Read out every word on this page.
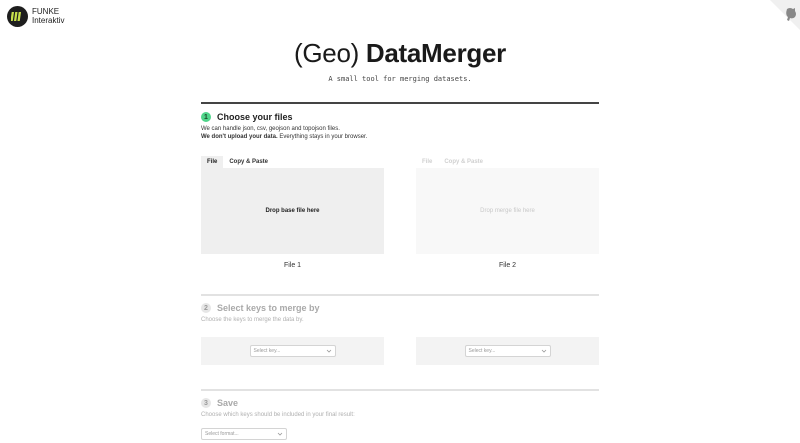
FUNKE
Interaktiv
(Geo) DataMerger
A small tool for merging datasets.
1	Choose your files
We can handle json, csv, geojson and topojson files.
We don't upload your data. Everything stays in your browser.
File	Copy & Paste
Drop base file here
File 1
File	Copy & Paste
Drop merge file here
File 2
2	Select keys to merge by
Choose the keys to merge the data by.
Select key...	Select key...
3	Save
Choose which keys should be included in your final result:
Select format...
